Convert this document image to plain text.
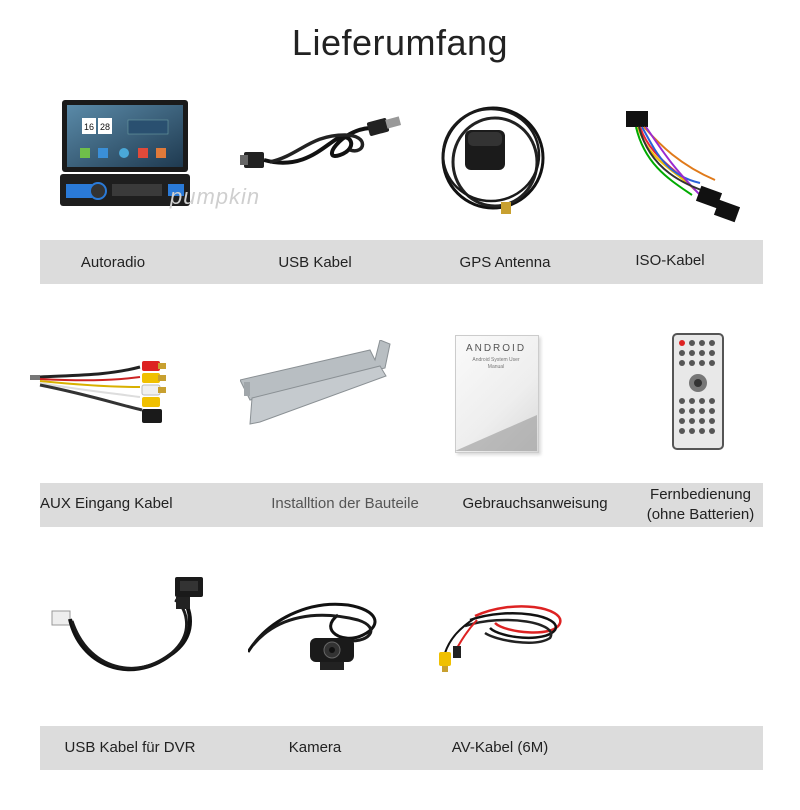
Lieferumfang
16 28
pumpkin
Autoradio	USB Kabel	GPS Antenna	ISO-Kabel
ANDROID
Android System User Manual
AUX Eingang Kabel	Installtion der Bauteile	Gebrauchsanweisung
Fernbedienung (ohne Batterien)
USB Kabel für DVR	Kamera	AV-Kabel (6M)
